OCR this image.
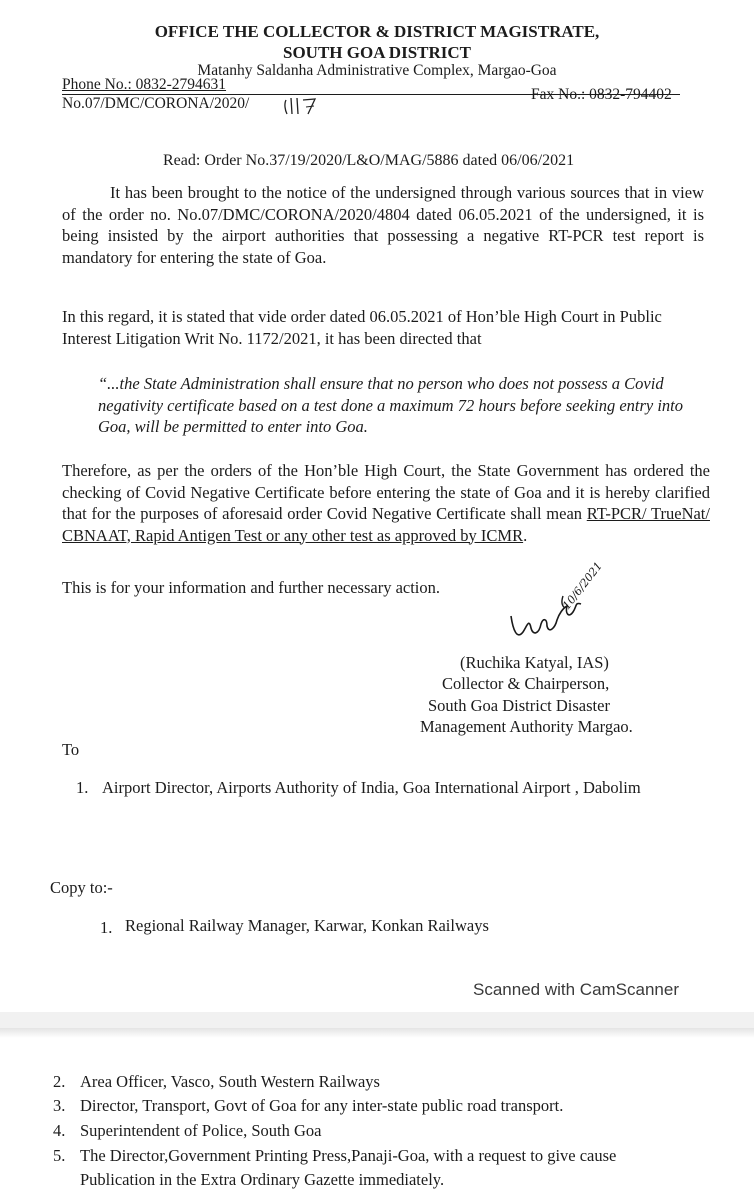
OFFICE THE COLLECTOR & DISTRICT MAGISTRATE,
SOUTH GOA DISTRICT
Matanhy Saldanha Administrative Complex, Margao-Goa
Phone No.: 0832-2794631
Fax No.: 0832-794402
No.07/DMC/CORONA/2020/
Read: Order No.37/19/2020/L&O/MAG/5886 dated 06/06/2021
It has been brought to the notice of the undersigned through various sources that in view of the order no. No.07/DMC/CORONA/2020/4804 dated 06.05.2021 of the undersigned, it is being insisted by the airport authorities that possessing a negative RT-PCR test report is mandatory for entering the state of Goa.
In this regard, it is stated that vide order dated 06.05.2021 of Hon’ble High Court in Public Interest Litigation Writ No. 1172/2021, it has been directed that
“...the State Administration shall ensure that no person who does not possess a Covid negativity certificate based on a test done a maximum 72 hours before seeking entry into Goa, will be permitted to enter into Goa.
Therefore, as per the orders of the Hon’ble High Court, the State Government has ordered the checking of Covid Negative Certificate before entering the state of Goa and it is hereby clarified that for the purposes of aforesaid order Covid Negative Certificate shall mean RT-PCR/ TrueNat/ CBNAAT, Rapid Antigen Test or any other test as approved by ICMR.
This is for your information and further necessary action.	10/6/2021
(Ruchika Katyal, IAS)
Collector & Chairperson,
South Goa District Disaster
Management Authority Margao.
To
1. Airport Director, Airports Authority of India, Goa International Airport , Dabolim
Copy to:-
1. Regional Railway Manager, Karwar, Konkan Railways
Scanned with CamScanner
2. Area Officer, Vasco, South Western Railways
3. Director, Transport, Govt of Goa for any inter-state public road transport.
4. Superintendent of Police, South Goa
5. The Director,Government Printing Press,Panaji-Goa, with a request to give cause
Publication in the Extra Ordinary Gazette immediately.
